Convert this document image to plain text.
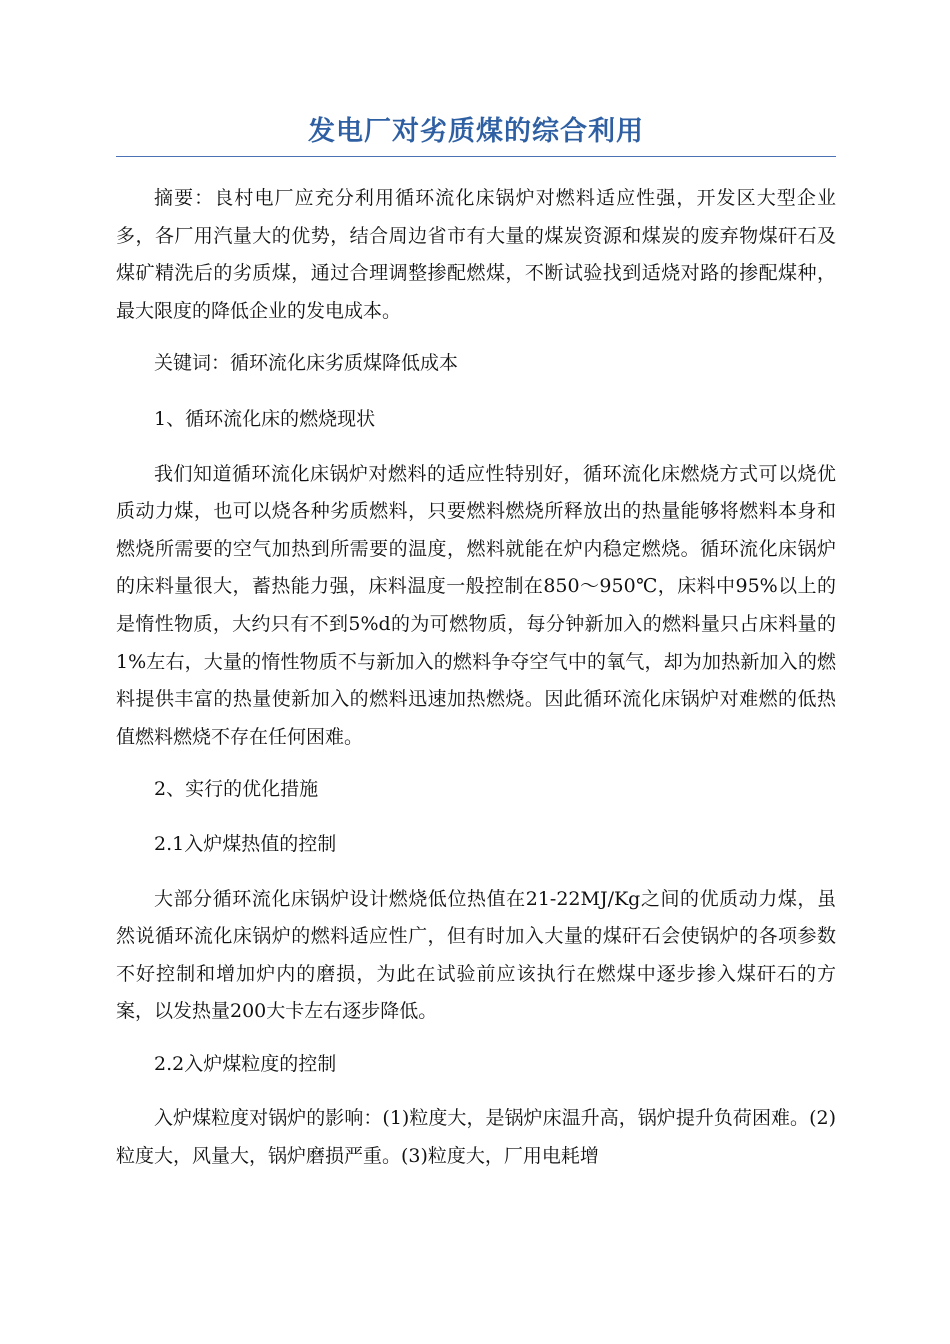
发电厂对劣质煤的综合利用

摘要：良村电厂应充分利用循环流化床锅炉对燃料适应性强，开发区大型企业多，各厂用汽量大的优势，结合周边省市有大量的煤炭资源和煤炭的废弃物煤矸石及煤矿精洗后的劣质煤，通过合理调整掺配燃煤，不断试验找到适烧对路的掺配煤种，最大限度的降低企业的发电成本。

关键词：循环流化床劣质煤降低成本

1、循环流化床的燃烧现状

我们知道循环流化床锅炉对燃料的适应性特别好，循环流化床燃烧方式可以烧优质动力煤，也可以烧各种劣质燃料，只要燃料燃烧所释放出的热量能够将燃料本身和燃烧所需要的空气加热到所需要的温度，燃料就能在炉内稳定燃烧。循环流化床锅炉的床料量很大，蓄热能力强，床料温度一般控制在850～950℃，床料中95%以上的是惰性物质，大约只有不到5%d的为可燃物质，每分钟新加入的燃料量只占床料量的1%左右，大量的惰性物质不与新加入的燃料争夺空气中的氧气，却为加热新加入的燃料提供丰富的热量使新加入的燃料迅速加热燃烧。因此循环流化床锅炉对难燃的低热值燃料燃烧不存在任何困难。

2、实行的优化措施

2.1入炉煤热值的控制

大部分循环流化床锅炉设计燃烧低位热值在21-22MJ/Kg之间的优质动力煤，虽然说循环流化床锅炉的燃料适应性广，但有时加入大量的煤矸石会使锅炉的各项参数不好控制和增加炉内的磨损，为此在试验前应该执行在燃煤中逐步掺入煤矸石的方案，以发热量200大卡左右逐步降低。

2.2入炉煤粒度的控制

入炉煤粒度对锅炉的影响：(1)粒度大，是锅炉床温升高，锅炉提升负荷困难。(2)粒度大，风量大，锅炉磨损严重。(3)粒度大，厂用电耗增
